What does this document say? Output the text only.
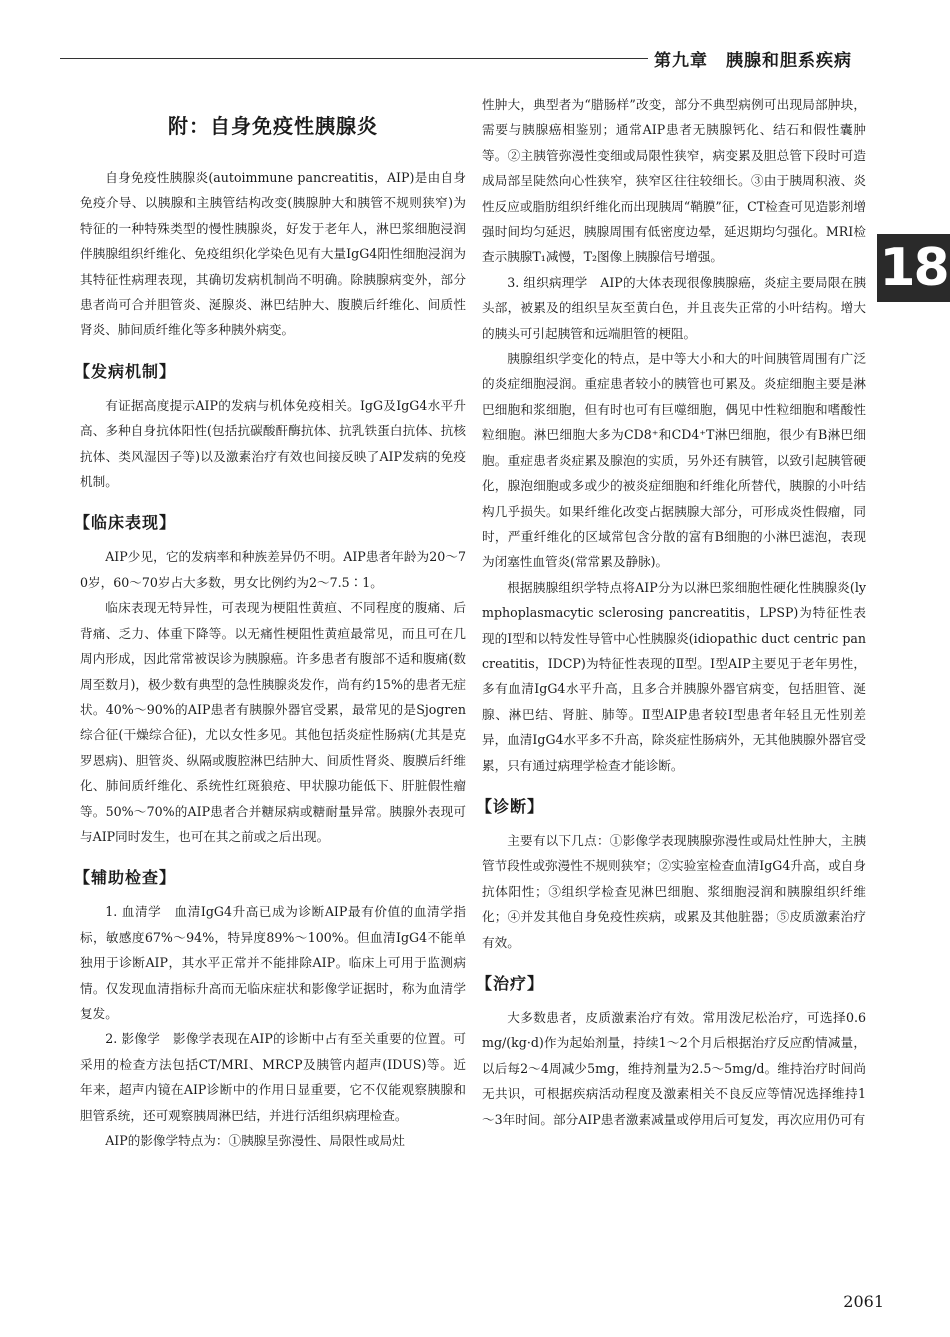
第九章　胰腺和胆系疾病
18
附：自身免疫性胰腺炎

自身免疫性胰腺炎(autoimmune pancreatitis，AIP)是由自身免疫介导、以胰腺和主胰管结构改变(胰腺肿大和胰管不规则狭窄)为特征的一种特殊类型的慢性胰腺炎，好发于老年人，淋巴浆细胞浸润伴胰腺组织纤维化、免疫组织化学染色见有大量IgG4阳性细胞浸润为其特征性病理表现，其确切发病机制尚不明确。除胰腺病变外，部分患者尚可合并胆管炎、涎腺炎、淋巴结肿大、腹膜后纤维化、间质性肾炎、肺间质纤维化等多种胰外病变。

【发病机制】

有证据高度提示AIP的发病与机体免疫相关。IgG及IgG4水平升高、多种自身抗体阳性(包括抗碳酸酐酶抗体、抗乳铁蛋白抗体、抗核抗体、类风湿因子等)以及激素治疗有效也间接反映了AIP发病的免疫机制。

【临床表现】

AIP少见，它的发病率和种族差异仍不明。AIP患者年龄为20～70岁，60～70岁占大多数，男女比例约为2～7.5∶1。

临床表现无特异性，可表现为梗阻性黄疸、不同程度的腹痛、后背痛、乏力、体重下降等。以无痛性梗阻性黄疸最常见，而且可在几周内形成，因此常常被误诊为胰腺癌。许多患者有腹部不适和腹痛(数周至数月)，极少数有典型的急性胰腺炎发作，尚有约15%的患者无症状。40%～90%的AIP患者有胰腺外器官受累，最常见的是Sjogren综合征(干燥综合征)，尤以女性多见。其他包括炎症性肠病(尤其是克罗恩病)、胆管炎、纵隔或腹腔淋巴结肿大、间质性肾炎、腹膜后纤维化、肺间质纤维化、系统性红斑狼疮、甲状腺功能低下、肝脏假性瘤等。50%～70%的AIP患者合并糖尿病或糖耐量异常。胰腺外表现可与AIP同时发生，也可在其之前或之后出现。

【辅助检查】

1. 血清学　血清IgG4升高已成为诊断AIP最有价值的血清学指标，敏感度67%～94%，特异度89%～100%。但血清IgG4不能单独用于诊断AIP，其水平正常并不能排除AIP。临床上可用于监测病情。仅发现血清指标升高而无临床症状和影像学证据时，称为血清学复发。

2. 影像学　影像学表现在AIP的诊断中占有至关重要的位置。可采用的检查方法包括CT/MRI、MRCP及胰管内超声(IDUS)等。近年来，超声内镜在AIP诊断中的作用日显重要，它不仅能观察胰腺和胆管系统，还可观察胰周淋巴结，并进行活组织病理检查。

AIP的影像学特点为：①胰腺呈弥漫性、局限性或局灶

性肿大，典型者为“腊肠样”改变，部分不典型病例可出现局部肿块，需要与胰腺癌相鉴别；通常AIP患者无胰腺钙化、结石和假性囊肿等。②主胰管弥漫性变细或局限性狭窄，病变累及胆总管下段时可造成局部呈陡然向心性狭窄，狭窄区往往较细长。③由于胰周积液、炎性反应或脂肪组织纤维化而出现胰周“鞘膜”征，CT检查可见造影剂增强时间均匀延迟，胰腺周围有低密度边晕，延迟期均匀强化。MRI检查示胰腺T₁减慢，T₂图像上胰腺信号增强。

3. 组织病理学　AIP的大体表现很像胰腺癌，炎症主要局限在胰头部，被累及的组织呈灰至黄白色，并且丧失正常的小叶结构。增大的胰头可引起胰管和远端胆管的梗阻。

胰腺组织学变化的特点，是中等大小和大的叶间胰管周围有广泛的炎症细胞浸润。重症患者较小的胰管也可累及。炎症细胞主要是淋巴细胞和浆细胞，但有时也可有巨噬细胞，偶见中性粒细胞和嗜酸性粒细胞。淋巴细胞大多为CD8⁺和CD4⁺T淋巴细胞，很少有B淋巴细胞。重症患者炎症累及腺泡的实质，另外还有胰管，以致引起胰管硬化，腺泡细胞或多或少的被炎症细胞和纤维化所替代，胰腺的小叶结构几乎损失。如果纤维化改变占据胰腺大部分，可形成炎性假瘤，同时，严重纤维化的区域常包含分散的富有B细胞的小淋巴滤泡，表现为闭塞性血管炎(常常累及静脉)。

根据胰腺组织学特点将AIP分为以淋巴浆细胞性硬化性胰腺炎(lymphoplasmacytic sclerosing pancreatitis，LPSP)为特征性表现的Ⅰ型和以特发性导管中心性胰腺炎(idiopathic duct centric pancreatitis，IDCP)为特征性表现的Ⅱ型。Ⅰ型AIP主要见于老年男性，多有血清IgG4水平升高，且多合并胰腺外器官病变，包括胆管、涎腺、淋巴结、肾脏、肺等。Ⅱ型AIP患者较Ⅰ型患者年轻且无性别差异，血清IgG4水平多不升高，除炎症性肠病外，无其他胰腺外器官受累，只有通过病理学检查才能诊断。

【诊断】

主要有以下几点：①影像学表现胰腺弥漫性或局灶性肿大，主胰管节段性或弥漫性不规则狭窄；②实验室检查血清IgG4升高，或自身抗体阳性；③组织学检查见淋巴细胞、浆细胞浸润和胰腺组织纤维化；④并发其他自身免疫性疾病，或累及其他脏器；⑤皮质激素治疗有效。

【治疗】

大多数患者，皮质激素治疗有效。常用泼尼松治疗，可选择0.6mg/(kg·d)作为起始剂量，持续1～2个月后根据治疗反应酌情减量，以后每2～4周减少5mg，维持剂量为2.5～5mg/d。维持治疗时间尚无共识，可根据疾病活动程度及激素相关不良反应等情况选择维持1～3年时间。部分AIP患者激素减量或停用后可复发，再次应用仍可有

2061
